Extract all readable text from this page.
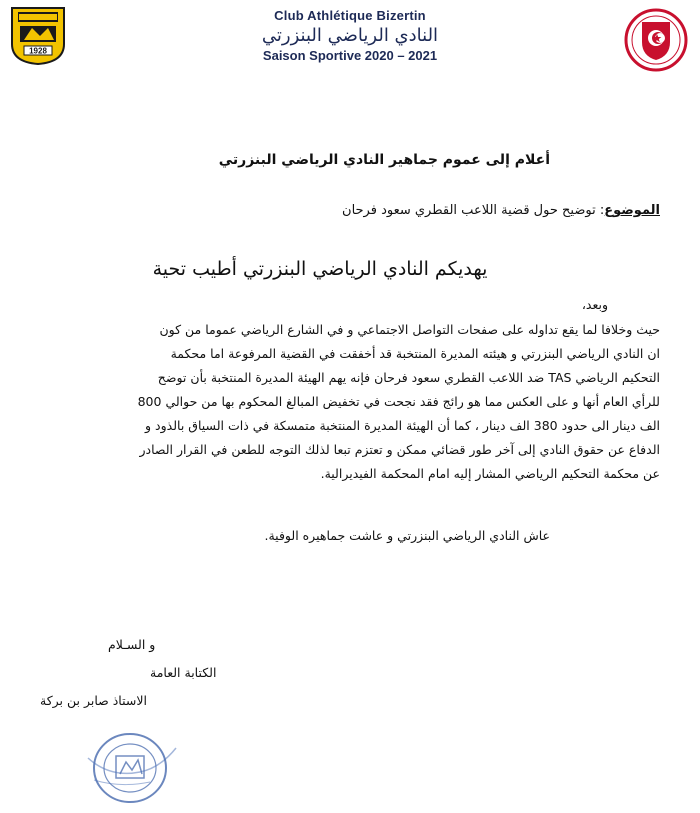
1928
Club Athlétique Bizertin
النادي الرياضي البنزرتي
Saison Sportive 2020 – 2021
أعلام إلى عموم جماهير النادي الرياضي البنزرتي
الموضوع: توضيح حول قضية اللاعب القطري سعود فرحان
يهديكم النادي الرياضي البنزرتي أطيب تحية
وبعد،

حيث وخلافا لما يقع تداوله على صفحات التواصل الاجتماعي و في الشارع الرياضي عموما من كون

ان النادي الرياضي البنزرتي و هيئته المديرة المنتخبة قد أخفقت في القضية المرفوعة اما محكمة

التحكيم الرياضي TAS ضد اللاعب القطري سعود فرحان فإنه يهم الهيئة المديرة المنتخبة بأن توضح

للرأي العام أنها و على العكس مما هو رائج فقد نجحت في تخفيض المبالغ المحكوم بها من حوالي 800

الف دينار الى حدود 380 الف دينار ، كما أن الهيئة المديرة المنتخبة متمسكة في ذات السياق بالذود و

الدفاع عن حقوق النادي إلى آخر طور قضائي ممكن و تعتزم تبعا لذلك التوجه للطعن في القرار الصادر

عن محكمة التحكيم الرياضي المشار إليه امام المحكمة الفيديرالية.

عاش النادي الرياضي البنزرتي و عاشت جماهيره الوفية.
و السـلام
الكتابة العامة
الاستاذ صابر بن بركة
